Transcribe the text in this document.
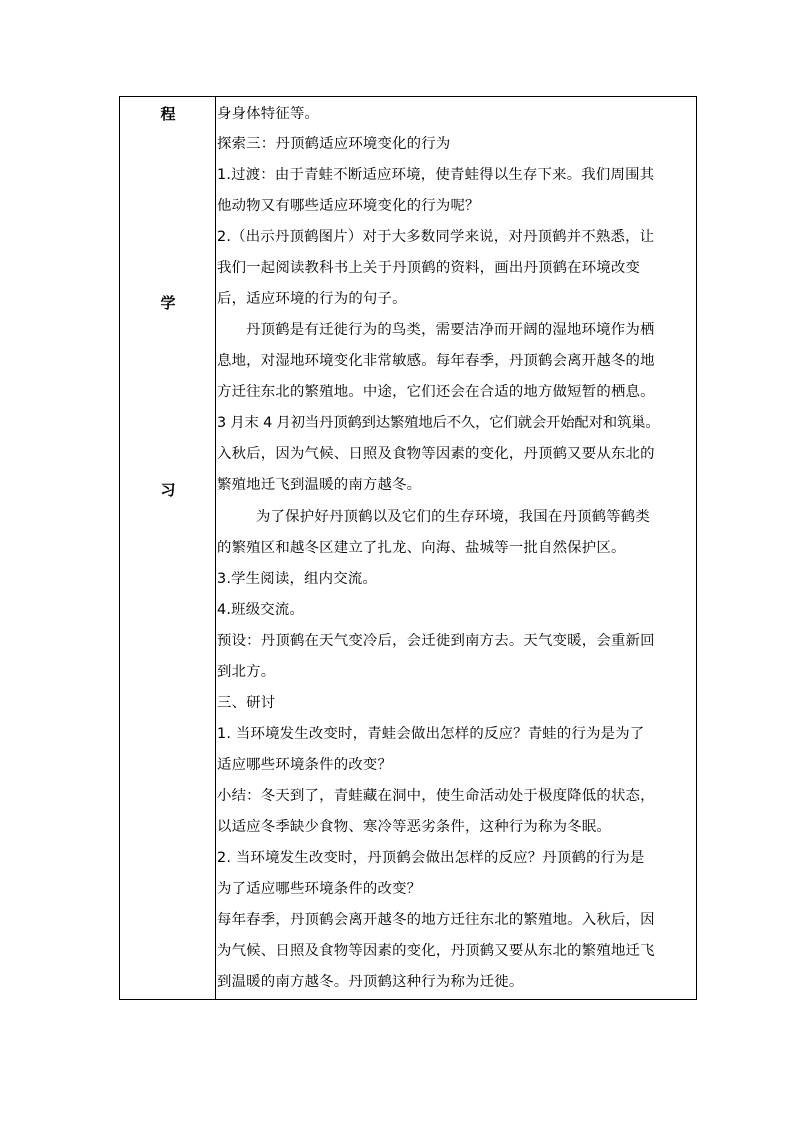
程
学
习
身身体特征等。
探索三：丹顶鹤适应环境变化的行为
1.过渡：由于青蛙不断适应环境，使青蛙得以生存下来。我们周围其
他动物又有哪些适应环境变化的行为呢？
2.（出示丹顶鹤图片）对于大多数同学来说，对丹顶鹤并不熟悉，让
我们一起阅读教科书上关于丹顶鹤的资料，画出丹顶鹤在环境改变
后，适应环境的行为的句子。
丹顶鹤是有迁徙行为的鸟类，需要洁净而开阔的湿地环境作为栖
息地，对湿地环境变化非常敏感。每年春季，丹顶鹤会离开越冬的地
方迁往东北的繁殖地。中途，它们还会在合适的地方做短暂的栖息。
3 月末 4 月初当丹顶鹤到达繁殖地后不久，它们就会开始配对和筑巢。
入秋后，因为气候、日照及食物等因素的变化，丹顶鹤又要从东北的
繁殖地迁飞到温暖的南方越冬。
为了保护好丹顶鹤以及它们的生存环境，我国在丹顶鹤等鹤类
的繁殖区和越冬区建立了扎龙、向海、盐城等一批自然保护区。
3.学生阅读，组内交流。
4.班级交流。
预设：丹顶鹤在天气变冷后，会迁徙到南方去。天气变暖，会重新回
到北方。
三、研讨
1. 当环境发生改变时，青蛙会做出怎样的反应？青蛙的行为是为了
适应哪些环境条件的改变？
小结：冬天到了，青蛙藏在洞中，使生命活动处于极度降低的状态，
以适应冬季缺少食物、寒冷等恶劣条件，这种行为称为冬眠。
2. 当环境发生改变时，丹顶鹤会做出怎样的反应？丹顶鹤的行为是
为了适应哪些环境条件的改变？
每年春季，丹顶鹤会离开越冬的地方迁往东北的繁殖地。入秋后，因
为气候、日照及食物等因素的变化，丹顶鹤又要从东北的繁殖地迁飞
到温暖的南方越冬。丹顶鹤这种行为称为迁徙。
